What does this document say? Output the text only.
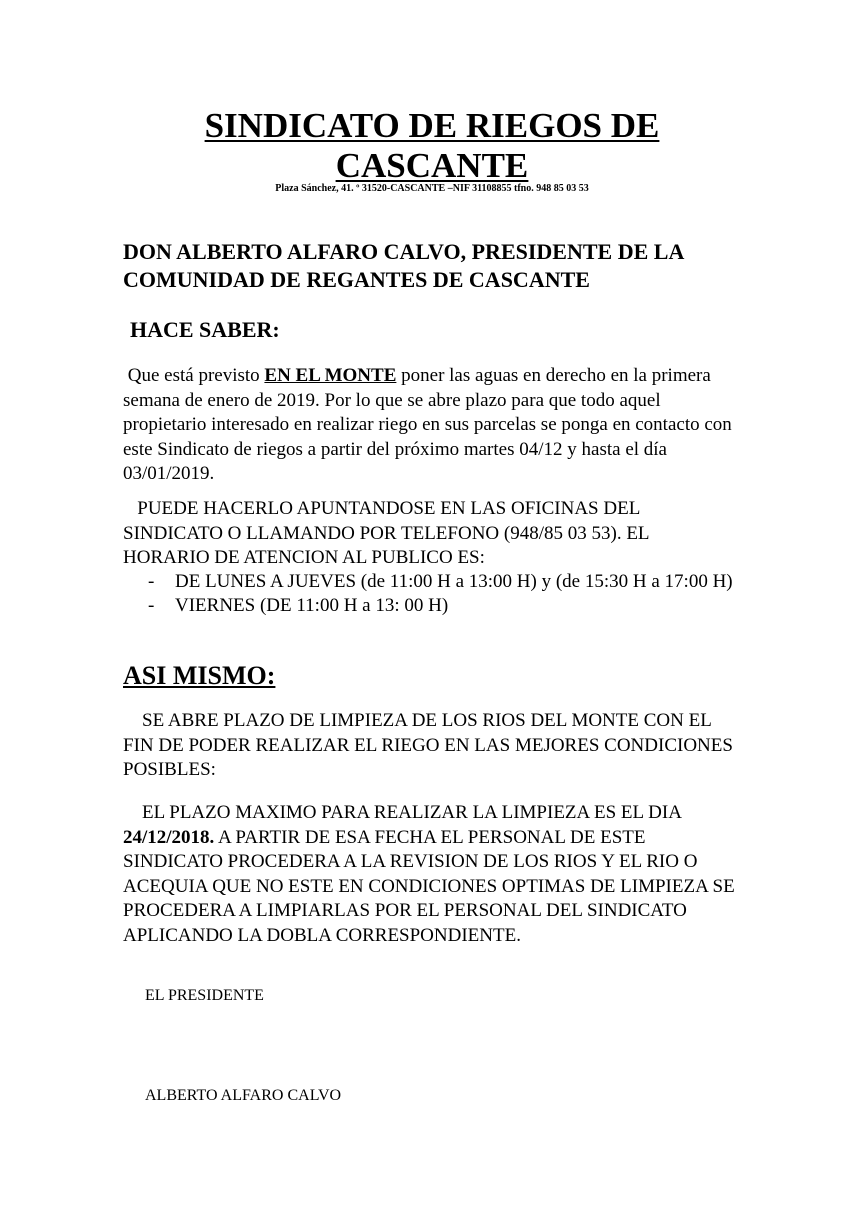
SINDICATO DE RIEGOS DE
CASCANTE
Plaza Sánchez, 41. º 31520-CASCANTE –NIF 31108855 tfno. 948 85 03 53
DON ALBERTO ALFARO CALVO, PRESIDENTE DE LA
COMUNIDAD DE REGANTES DE CASCANTE
HACE SABER:
Que está previsto EN EL MONTE poner las aguas en derecho en la primera semana de enero de 2019. Por lo que se abre plazo para que todo aquel propietario interesado en realizar riego en sus parcelas se ponga en contacto con este Sindicato de riegos a partir del próximo martes 04/12 y hasta el día 03/01/2019.
PUEDE HACERLO APUNTANDOSE EN LAS OFICINAS DEL SINDICATO O LLAMANDO POR TELEFONO (948/85 03 53). EL HORARIO DE ATENCION AL PUBLICO ES:
- DE LUNES A JUEVES (de 11:00 H a 13:00 H) y (de 15:30 H a 17:00 H)
- VIERNES (DE 11:00 H a 13: 00 H)
ASI MISMO:
SE ABRE PLAZO DE LIMPIEZA DE LOS RIOS DEL MONTE CON EL FIN DE PODER REALIZAR EL RIEGO EN LAS MEJORES CONDICIONES POSIBLES:
EL PLAZO MAXIMO PARA REALIZAR LA LIMPIEZA ES EL DIA 24/12/2018. A PARTIR DE ESA FECHA EL PERSONAL DE ESTE SINDICATO PROCEDERA A LA REVISION DE LOS RIOS Y EL RIO O ACEQUIA QUE NO ESTE EN CONDICIONES OPTIMAS DE LIMPIEZA SE PROCEDERA A LIMPIARLAS POR EL PERSONAL DEL SINDICATO APLICANDO LA DOBLA CORRESPONDIENTE.
EL PRESIDENTE
ALBERTO ALFARO CALVO
